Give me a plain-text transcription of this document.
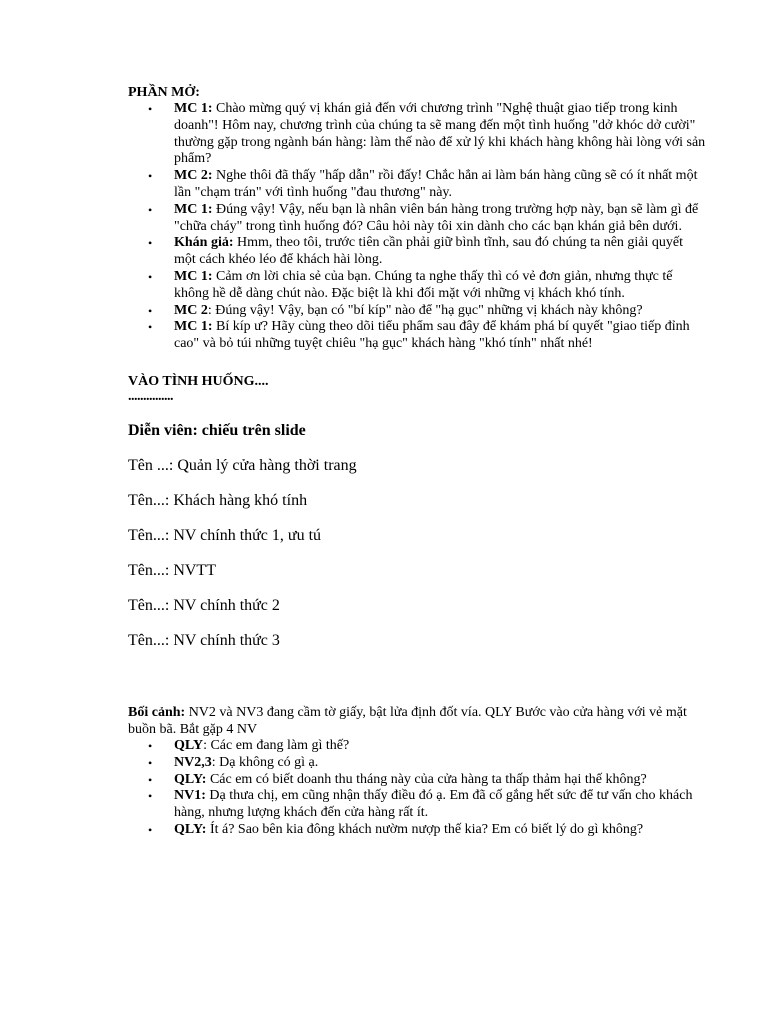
PHẦN MỞ:

• MC 1: Chào mừng quý vị khán giả đến với chương trình "Nghệ thuật giao tiếp trong kinh doanh"! Hôm nay, chương trình của chúng ta sẽ mang đến một tình huống "dở khóc dở cười" thường gặp trong ngành bán hàng: làm thế nào để xử lý khi khách hàng không hài lòng với sản phẩm?
• MC 2: Nghe thôi đã thấy "hấp dẫn" rồi đấy! Chắc hẳn ai làm bán hàng cũng sẽ có ít nhất một lần "chạm trán" với tình huống "đau thương" này.
• MC 1: Đúng vậy! Vậy, nếu bạn là nhân viên bán hàng trong trường hợp này, bạn sẽ làm gì để "chữa cháy" trong tình huống đó? Câu hỏi này tôi xin dành cho các bạn khán giả bên dưới.
• Khán giả: Hmm, theo tôi, trước tiên cần phải giữ bình tĩnh, sau đó chúng ta nên giải quyết một cách khéo léo để khách hài lòng.
• MC 1: Cảm ơn lời chia sẻ của bạn. Chúng ta nghe thấy thì có vẻ đơn giản, nhưng thực tế không hề dễ dàng chút nào. Đặc biệt là khi đối mặt với những vị khách khó tính.
• MC 2: Đúng vậy! Vậy, bạn có "bí kíp" nào để "hạ gục" những vị khách này không?
• MC 1: Bí kíp ư? Hãy cùng theo dõi tiểu phẩm sau đây để khám phá bí quyết "giao tiếp đỉnh cao" và bỏ túi những tuyệt chiêu "hạ gục" khách hàng "khó tính" nhất nhé!

VÀO TÌNH HUỐNG....

...............

Diễn viên: chiếu trên slide

Tên ...: Quản lý cửa hàng thời trang

Tên...: Khách hàng khó tính

Tên...: NV chính thức 1, ưu tú

Tên...: NVTT

Tên...: NV chính thức 2

Tên...: NV chính thức 3

Bối cảnh: NV2 và NV3 đang cầm tờ giấy, bật lửa định đốt vía. QLY Bước vào cửa hàng với vẻ mặt buồn bã. Bắt gặp 4 NV

• QLY: Các em đang làm gì thế?
• NV2,3: Dạ không có gì ạ.
• QLY: Các em có biết doanh thu tháng này của cửa hàng ta thấp thảm hại thế không?
• NV1: Dạ thưa chị, em cũng nhận thấy điều đó ạ. Em đã cố gắng hết sức để tư vấn cho khách hàng, nhưng lượng khách đến cửa hàng rất ít.
• QLY: Ít á? Sao bên kia đông khách nườm nượp thế kia? Em có biết lý do gì không?
